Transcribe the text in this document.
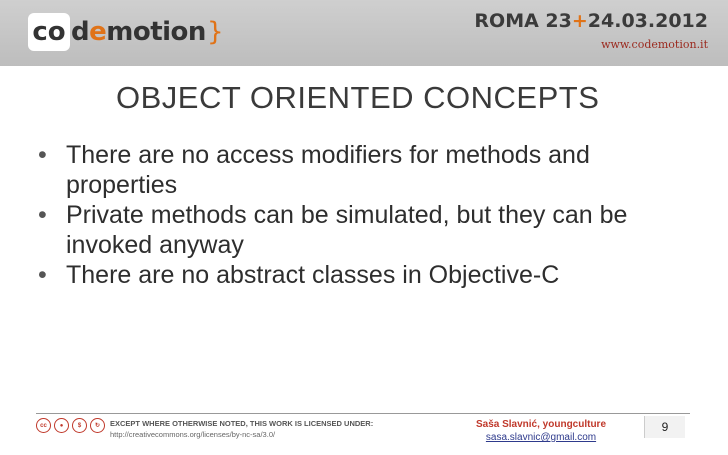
co d e motion }	ROMA 23+24.03.2012
www.codemotion.it
OBJECT ORIENTED CONCEPTS
• There are no access modifiers for methods and properties
• Private methods can be simulated, but they can be invoked anyway
• There are no abstract classes in Objective-C
cc	●	$	↻	EXCEPT WHERE OTHERWISE NOTED, THIS WORK IS LICENSED UNDER:
http://creativecommons.org/licenses/by-nc-sa/3.0/
Saša Slavnić, youngculture
sasa.slavnic@gmail.com
9
